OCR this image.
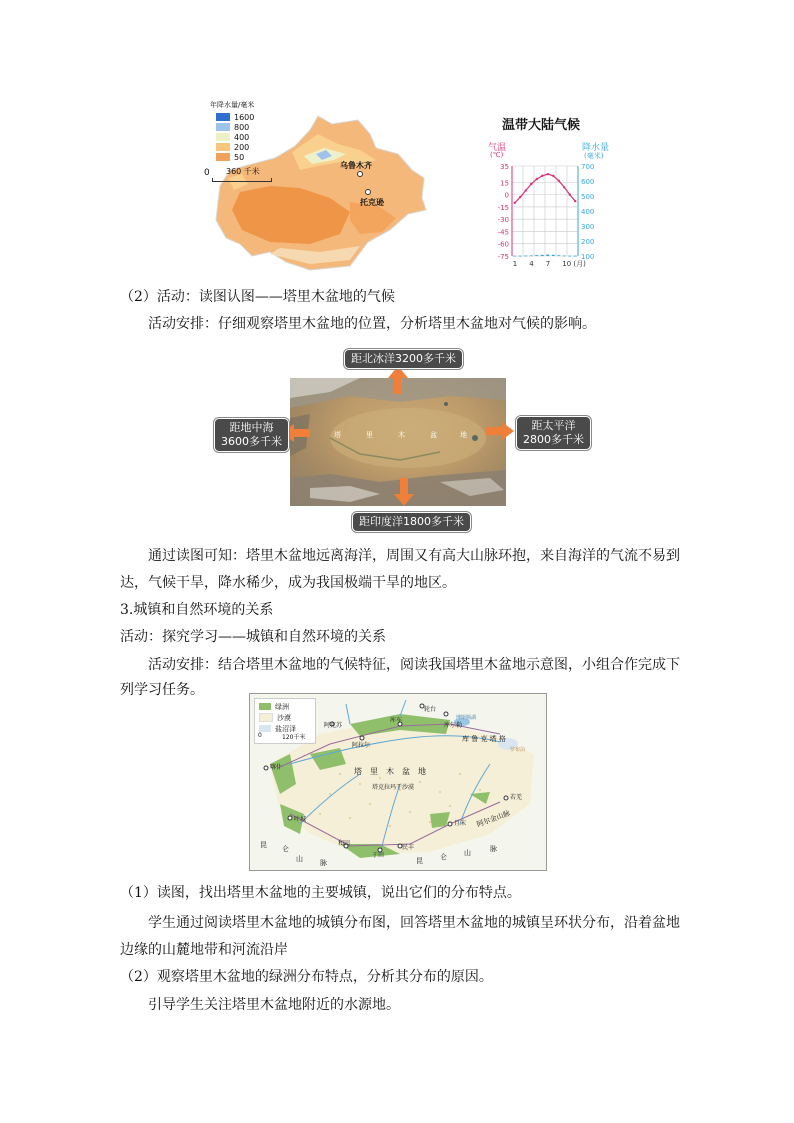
年降水量/毫米
1600
800
400
200
50
0 360 千米
乌鲁木齐
托克逊
温带大陆气候
气温
(℃)
降水量
(毫米)
35
15
0
-15
-30
-45
-60
-75
700
600
500
400
300
200
100
1 4 7 10 (月)
（2）活动：读图认图——塔里木盆地的气候
活动安排：仔细观察塔里木盆地的位置，分析塔里木盆地对气候的影响。
塔	里	木	盆	地
距北冰洋3200多千米
距地中海
3600多千米
距太平洋
2800多千米
距印度洋1800多千米
通过读图可知：塔里木盆地远离海洋，周围又有高大山脉环抱，来自海洋的气流不易到
达，气候干旱，降水稀少，成为我国极端干旱的地区。
3.城镇和自然环境的关系
活动：探究学习——城镇和自然环境的关系
活动安排：结合塔里木盆地的气候特征，阅读我国塔里木盆地示意图，小组合作完成下
列学习任务。
绿洲
沙漠
盐沼泽
0	120千米
塔　里　木　盆　地
塔克拉玛干沙漠
昆 仑
山 脉	昆 仑 山	脉
阿尔金山脉
库 鲁 克 塔 格
罗布泊
博斯腾湖
阿克苏
库车
轮台
库尔勒
阿拉尔
喀什
叶城
和田
于田
民丰
且末
若羌
（1）读图，找出塔里木盆地的主要城镇，说出它们的分布特点。
学生通过阅读塔里木盆地的城镇分布图，回答塔里木盆地的城镇呈环状分布，沿着盆地
边缘的山麓地带和河流沿岸
（2）观察塔里木盆地的绿洲分布特点，分析其分布的原因。
引导学生关注塔里木盆地附近的水源地。
